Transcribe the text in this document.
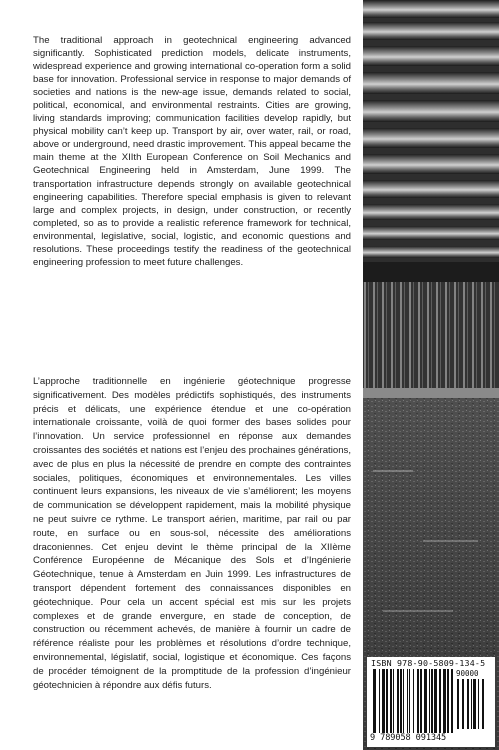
The traditional approach in geotechnical engineering advanced significantly. Sophisticated prediction models, delicate instruments, widespread experience and growing international co-operation form a solid base for innovation. Professional service in response to major demands of societies and nations is the new-age issue, demands related to social, political, economical, and environmental restraints. Cities are growing, living standards improving; communication facilities develop rapidly, but physical mobility can’t keep up. Transport by air, over water, rail, or road, above or underground, need drastic improvement. This appeal became the main theme at the XIIth European Conference on Soil Mechanics and Geotechnical Engineering held in Amsterdam, June 1999. The transportation infrastructure depends strongly on available geotechnical engineering capabilities. Therefore special emphasis is given to relevant large and complex projects, in design, under construction, or recently completed, so as to provide a realistic reference framework for technical, environmental, legislative, social, logistic, and economic questions and resolutions. These proceedings testify the readiness of the geotechnical engineering profession to meet future challenges.

L’approche traditionnelle en ingénierie géotechnique progresse significativement. Des modèles prédictifs sophistiqués, des instruments précis et délicats, une expérience étendue et une co-opération internationale croissante, voilà de quoi former des bases solides pour l’innovation. Un service professionnel en réponse aux demandes croissantes des sociétés et nations est l’enjeu des prochaines générations, avec de plus en plus la nécessité de prendre en compte des contraintes sociales, politiques, économiques et environnementales. Les villes continuent leurs expansions, les niveaux de vie s’améliorent; les moyens de communication se développent rapidement, mais la mobilité physique ne peut suivre ce rythme. Le transport aérien, maritime, par rail ou par route, en surface ou en sous-sol, nécessite des améliorations draconiennes. Cet enjeu devint le thème principal de la XIIème Conférence Européenne de Mécanique des Sols et d’Ingénierie Géotechnique, tenue à Amsterdam en Juin 1999. Les infrastructures de transport dépendent fortement des connaissances disponibles en géotechnique. Pour cela un accent spécial est mis sur les projets complexes et de grande envergure, en stade de conception, de construction ou récemment achevés, de manière à fournir un cadre de référence réaliste pour les problèmes et résolutions d’ordre technique, environnemental, législatif, social, logistique et économique. Ces façons de procéder témoignent de la promptitude de la profession d’ingénieur géotechnicien à répondre aux défis futurs.

ISBN 978-90-5809-134-5
90000
9 789058 091345
